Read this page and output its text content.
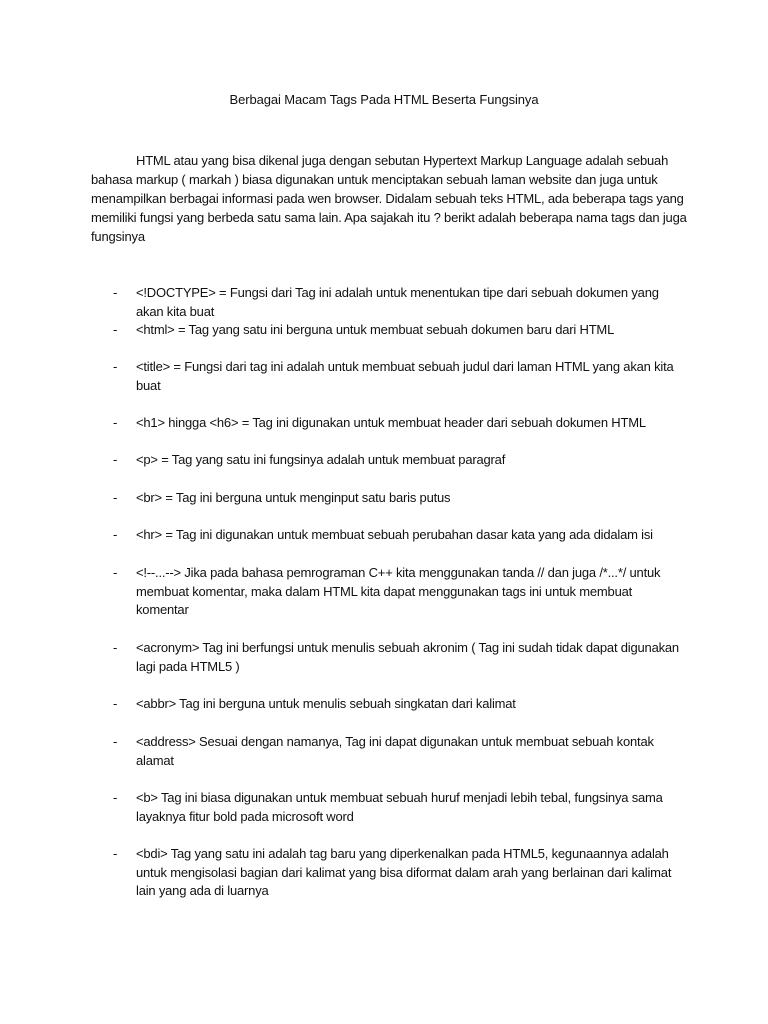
Berbagai Macam Tags Pada HTML Beserta Fungsinya

HTML atau yang bisa dikenal juga dengan sebutan Hypertext Markup Language adalah sebuah bahasa markup ( markah ) biasa digunakan untuk menciptakan sebuah laman website dan juga untuk menampilkan berbagai informasi pada wen browser. Didalam sebuah teks HTML, ada beberapa tags yang memiliki fungsi yang berbeda satu sama lain. Apa sajakah itu ? berikt adalah beberapa nama tags dan juga fungsinya

- <!DOCTYPE> = Fungsi dari Tag ini adalah untuk menentukan tipe dari sebuah dokumen yang akan kita buat
- <html> = Tag yang satu ini berguna untuk membuat sebuah dokumen baru dari HTML
- <title> = Fungsi dari tag ini adalah untuk membuat sebuah judul dari laman HTML yang akan kita buat
- <h1> hingga <h6> = Tag ini digunakan untuk membuat header dari sebuah dokumen HTML
- <p> = Tag yang satu ini fungsinya adalah untuk membuat paragraf
- <br> = Tag ini berguna untuk menginput satu baris putus
- <hr> = Tag ini digunakan untuk membuat sebuah perubahan dasar kata yang ada didalam isi
- <!--...--> Jika pada bahasa pemrograman C++ kita menggunakan tanda // dan juga /*...*/ untuk membuat komentar, maka dalam HTML kita dapat menggunakan tags ini untuk membuat komentar
- <acronym> Tag ini berfungsi untuk menulis sebuah akronim ( Tag ini sudah tidak dapat digunakan lagi pada HTML5 )
- <abbr> Tag ini berguna untuk menulis sebuah singkatan dari kalimat
- <address> Sesuai dengan namanya, Tag ini dapat digunakan untuk membuat sebuah kontak alamat
- <b> Tag ini biasa digunakan untuk membuat sebuah huruf menjadi lebih tebal, fungsinya sama layaknya fitur bold pada microsoft word
- <bdi> Tag yang satu ini adalah tag baru yang diperkenalkan pada HTML5, kegunaannya adalah untuk mengisolasi bagian dari kalimat yang bisa diformat dalam arah yang berlainan dari kalimat lain yang ada di luarnya
